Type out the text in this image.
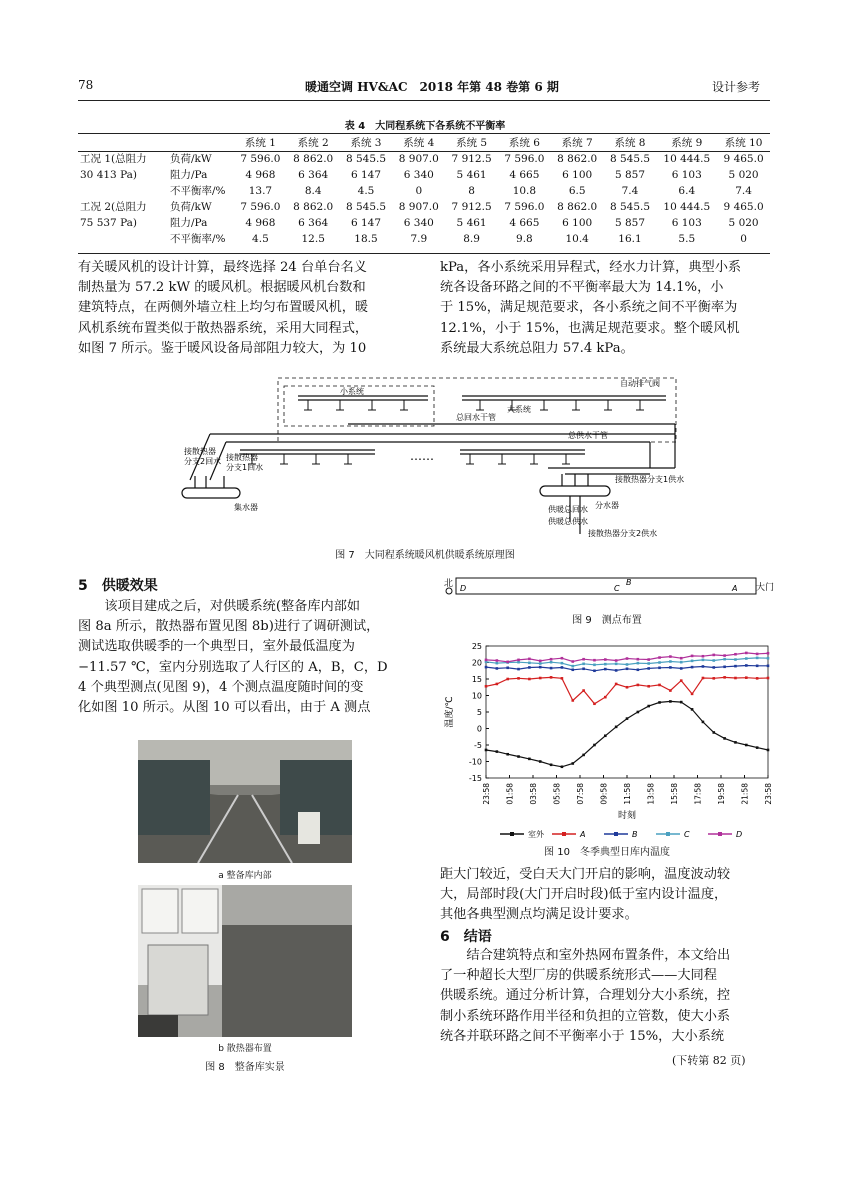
78	暖通空调 HV&AC　2018 年第 48 卷第 6 期	设计参考
表 4　大同程系统下各系统不平衡率
		系统 1	系统 2	系统 3	系统 4	系统 5	系统 6	系统 7	系统 8	系统 9	系统 10
工况 1(总阻力	负荷/kW	7 596.0	8 862.0	8 545.5	8 907.0	7 912.5	7 596.0	8 862.0	8 545.5	10 444.5	9 465.0
30 413 Pa)	阻力/Pa	4 968	6 364	6 147	6 340	5 461	4 665	6 100	5 857	6 103	5 020
	不平衡率/%	13.7	8.4	4.5	0	8	10.8	6.5	7.4	6.4	7.4
工况 2(总阻力	负荷/kW	7 596.0	8 862.0	8 545.5	8 907.0	7 912.5	7 596.0	8 862.0	8 545.5	10 444.5	9 465.0
75 537 Pa)	阻力/Pa	4 968	6 364	6 147	6 340	5 461	4 665	6 100	5 857	6 103	5 020
	不平衡率/%	4.5	12.5	18.5	7.9	8.9	9.8	10.4	16.1	5.5	0
有关暖风机的设计计算，最终选择 24 台单台名义
制热量为 57.2 kW 的暖风机。根据暖风机台数和
建筑特点，在两侧外墙立柱上均匀布置暖风机，暖
风机系统布置类似于散热器系统，采用大同程式，
如图 7 所示。鉴于暖风设备局部阻力较大，为 10
kPa，各小系统采用异程式，经水力计算，典型小系
统各设备环路之间的不平衡率最大为 14.1%，小
于 15%，满足规范要求，各小系统之间不平衡率为
12.1%，小于 15%，也满足规范要求。整个暖风机
系统最大系统总阻力 57.4 kPa。
小系统
大系统
自动排气阀
总回水干管
总供水干管
……
接散热器
分支2回水 接散热器
分支1回水
接散热器分支1供水
集水器	分水器
供暖总回水
供暖总供水
接散热器分支2供水
图 7　大同程系统暖风机供暖系统原理图
5　供暖效果
该项目建成之后，对供暖系统(整备库内部如
图 8a 所示，散热器布置见图 8b)进行了调研测试，
测试选取供暖季的一个典型日，室外最低温度为
−11.57 ℃，室内分别选取了人行区的 A，B，C，D
4 个典型测点(见图 9)，4 个测点温度随时间的变
化如图 10 所示。从图 10 可以看出，由于 A 测点
a 整备库内部
b 散热器布置
图 8　整备库实景
北 D	C
B
A 大门
图 9　测点布置
-15
-10
-5
0
5
10
15
20
25
23:58 01:58 03:58 05:58 07:58 09:58 11:58 13:58 15:58 17:58 19:58 21:58 23:58
温度/℃
时刻
室外	A	B	C	D
图 10　冬季典型日库内温度
距大门较近，受白天大门开启的影响，温度波动较
大，局部时段(大门开启时段)低于室内设计温度，
其他各典型测点均满足设计要求。
6　结语
结合建筑特点和室外热网布置条件，本文给出
了一种超长大型厂房的供暖系统形式——大同程
供暖系统。通过分析计算，合理划分大小系统，控
制小系统环路作用半径和负担的立管数，使大小系
统各并联环路之间不平衡率小于 15%，大小系统
(下转第 82 页)
